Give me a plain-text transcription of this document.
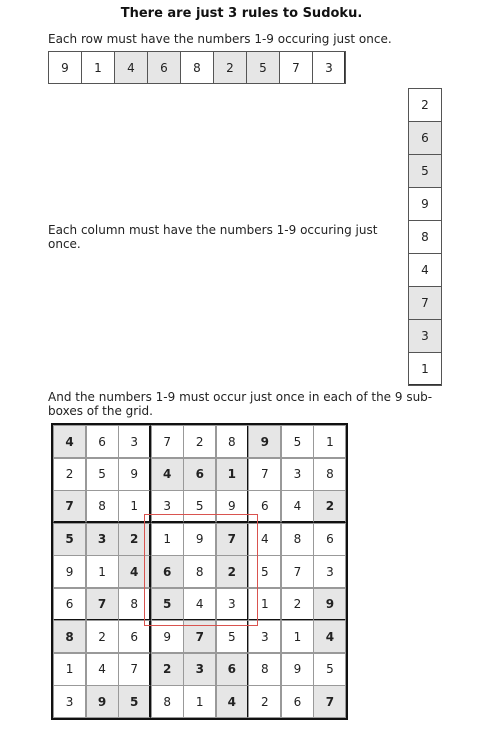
There are just 3 rules to Sudoku.
Each row must have the numbers 1-9 occuring just once.
9	1	4	6	8	2	5	7	3
Each column must have the numbers 1-9 occuring just
once.
2
6
5
9
8
4
7
3
1
And the numbers 1-9 must occur just once in each of the 9 sub-
boxes of the grid.
4	6	3	7	2	8	9	5	1
2	5	9	4	6	1	7	3	8
7	8	1	3	5	9	6	4	2
5	3	2	1	9	7	4	8	6
9	1	4	6	8	2	5	7	3
6	7	8	5	4	3	1	2	9
8	2	6	9	7	5	3	1	4
1	4	7	2	3	6	8	9	5
3	9	5	8	1	4	2	6	7
